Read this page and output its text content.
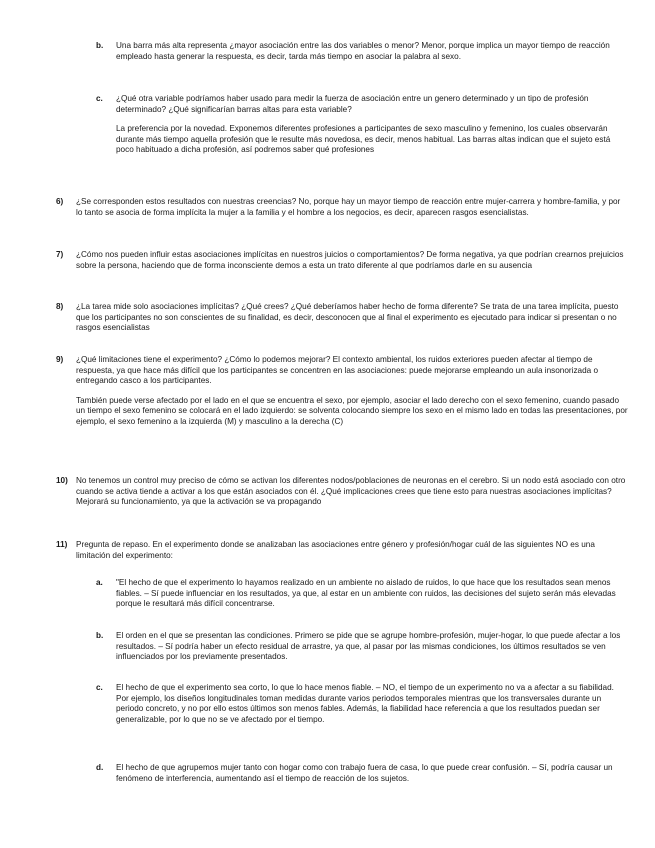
b.	Una barra más alta representa ¿mayor asociación entre las dos variables o menor? Menor, porque implica un mayor tiempo de reacción empleado hasta generar la respuesta, es decir, tarda más tiempo en asociar la palabra al sexo.

c.	¿Qué otra variable podríamos haber usado para medir la fuerza de asociación entre un genero determinado y un tipo de profesión determinado? ¿Qué significarían barras altas para esta variable?

La preferencia por la novedad. Exponemos diferentes profesiones a participantes de sexo masculino y femenino, los cuales observarán durante más tiempo aquella profesión que le resulte más novedosa, es decir, menos habitual. Las barras altas indican que el sujeto está poco habituado a dicha profesión, así podremos saber qué profesiones

6)	¿Se corresponden estos resultados con nuestras creencias? No, porque hay un mayor tiempo de reacción entre mujer-carrera y hombre-familia, y por lo tanto se asocia de forma implícita la mujer a la familia y el hombre a los negocios, es decir, aparecen rasgos esencialistas.

7)	¿Cómo nos pueden influir estas asociaciones implícitas en nuestros juicios o comportamientos? De forma negativa, ya que podrían crearnos prejuicios sobre la persona, haciendo que de forma inconsciente demos a esta un trato diferente al que podríamos darle en su ausencia

8)	¿La tarea mide solo asociaciones implícitas? ¿Qué crees? ¿Qué deberíamos haber hecho de forma diferente? Se trata de una tarea implícita, puesto que los participantes no son conscientes de su finalidad, es decir, desconocen que al final el experimento es ejecutado para indicar si presentan o no rasgos esencialistas

9)	¿Qué limitaciones tiene el experimento? ¿Cómo lo podemos mejorar? El contexto ambiental, los ruidos exteriores pueden afectar al tiempo de respuesta, ya que hace más difícil que los participantes se concentren en las asociaciones: puede mejorarse empleando un aula insonorizada o entregando casco a los participantes.

También puede verse afectado por el lado en el que se encuentra el sexo, por ejemplo, asociar el lado derecho con el sexo femenino, cuando pasado un tiempo el sexo femenino se colocará en el lado izquierdo: se solventa colocando siempre los sexo en el mismo lado en todas las presentaciones, por ejemplo, el sexo femenino a la izquierda (M) y masculino a la derecha (C)

10) No tenemos un control muy preciso de cómo se activan los diferentes nodos/poblaciones de neuronas en el cerebro. Si un nodo está asociado con otro cuando se activa tiende a activar a los que están asociados con él. ¿Qué implicaciones crees que tiene esto para nuestras asociaciones implícitas? Mejorará su funcionamiento, ya que la activación se va propagando

11)	Pregunta de repaso. En el experimento donde se analizaban las asociaciones entre género y profesión/hogar cuál de las siguientes NO es una limitación del experimento:

a.	"El hecho de que el experimento lo hayamos realizado en un ambiente no aislado de ruidos, lo que hace que los resultados sean menos fiables. – Sí puede influenciar en los resultados, ya que, al estar en un ambiente con ruidos, las decisiones del sujeto serán más elevadas porque le resultará más difícil concentrarse.

b.	El orden en el que se presentan las condiciones. Primero se pide que se agrupe hombre-profesión, mujer-hogar, lo que puede afectar a los resultados. – Sí podría haber un efecto residual de arrastre, ya que, al pasar por las mismas condiciones, los últimos resultados se ven influenciados por los previamente presentados.

c.	El hecho de que el experimento sea corto, lo que lo hace menos fiable. – NO, el tiempo de un experimento no va a afectar a su fiabilidad. Por ejemplo, los diseños longitudinales toman medidas durante varios periodos temporales mientras que los transversales durante un periodo concreto, y no por ello estos últimos son menos fables. Además, la fiabilidad hace referencia a que los resultados puedan ser generalizable, por lo que no se ve afectado por el tiempo.

d.	El hecho de que agrupemos mujer tanto con hogar como con trabajo fuera de casa, lo que puede crear confusión. – Sí, podría causar un fenómeno de interferencia, aumentando así el tiempo de reacción de los sujetos.
